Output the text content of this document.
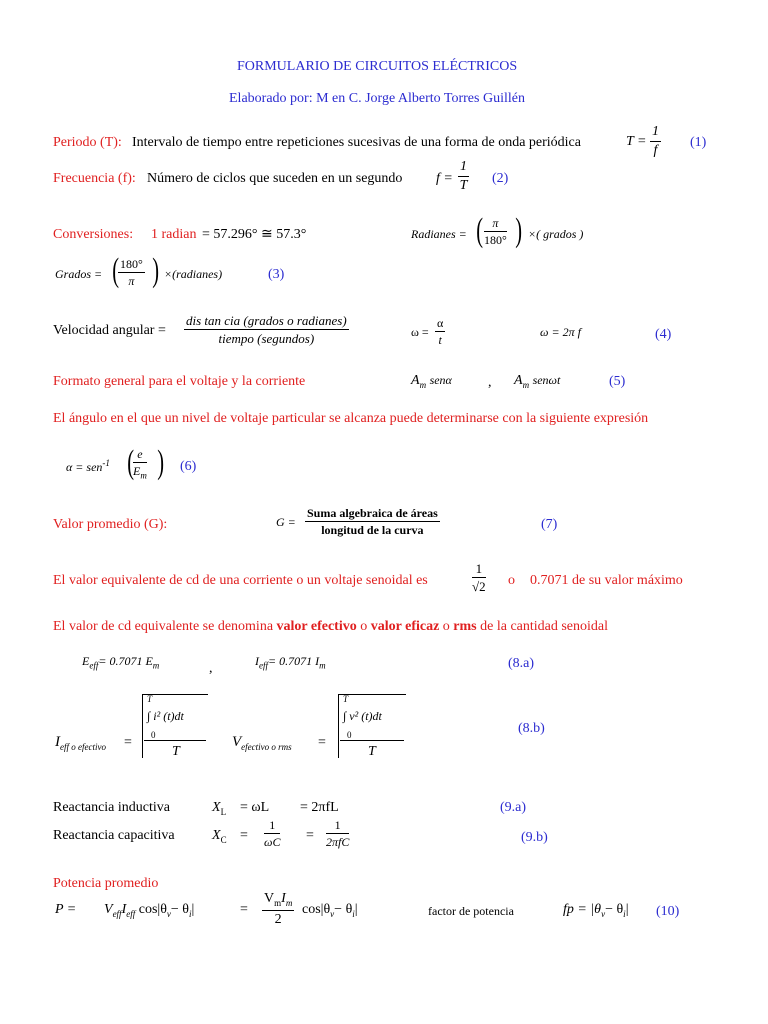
FORMULARIO DE CIRCUITOS ELÉCTRICOS
Elaborado por: M en C. Jorge Alberto Torres Guillén
Periodo (T): Intervalo de tiempo entre repeticiones sucesivas de una forma de onda periódica	$T = \frac{1}{f} (1)$
Frecuencia (f): Número de ciclos que suceden en un segundo $f = \frac{1}{T} (2)$
Conversiones: 1 radian = 57.296° ≅ 57.3°	Radianes = ( $\frac{\pi}{180^\circ}$ ) ×( grados )
Grados = (
$\frac{180^\circ}{\pi}$ ) ×(radianes)	(3)
Velocidad angular =
dis tan cia (grados o radianes)
tiempo (segundos)	$\omega = \frac{\alpha}{t}$	ω = 2π f	(4)
Formato general para el voltaje y la corriente	$A_m$ senα	, $A_m$ senωt	(5)
El ángulo en el que un nivel de voltaje particular se alcanza puede determinarse con la siguiente expresión
α = sen$^{-1}$ (
$\frac{e}{E_m}$ ) (6)
Valor promedio (G):	G =
Suma algebraica de áreas
longitud de la curva	(7)
El valor equivalente de cd de una corriente o un voltaje senoidal es	$\frac{1}{√2}$ o 0.7071 de su valor máximo
El valor de cd equivalente se denomina valor efectivo o valor eficaz o rms de la cantidad senoidal
$E_{eff}= 0.7071$ $E_m$	,	$I_{eff}= 0.7071$ $I_m$	(8.a)
$I_{eff o efectivo}$ =
T
∫ i² (t)dt
0
T
$V_{efectivo o rms}$ =
T
∫ v² (t)dt
0
T
(8.b)
Reactancia inductiva	$X_L = \omega L = 2\pi fL$	(9.a)
Reactancia capacitiva	$X_C = \frac{1}{\omega C}$ =
1
2πfC	(9.b)
Potencia promedio
$P = V_{eff}I_{eff}$ $\cos|\theta_v- \theta_i|$	=
$V_mI_m$
2
$\cos|\theta_v- \theta_i|$	factor de potencia	fp = $|\theta_v- \theta_i|$ (10)
